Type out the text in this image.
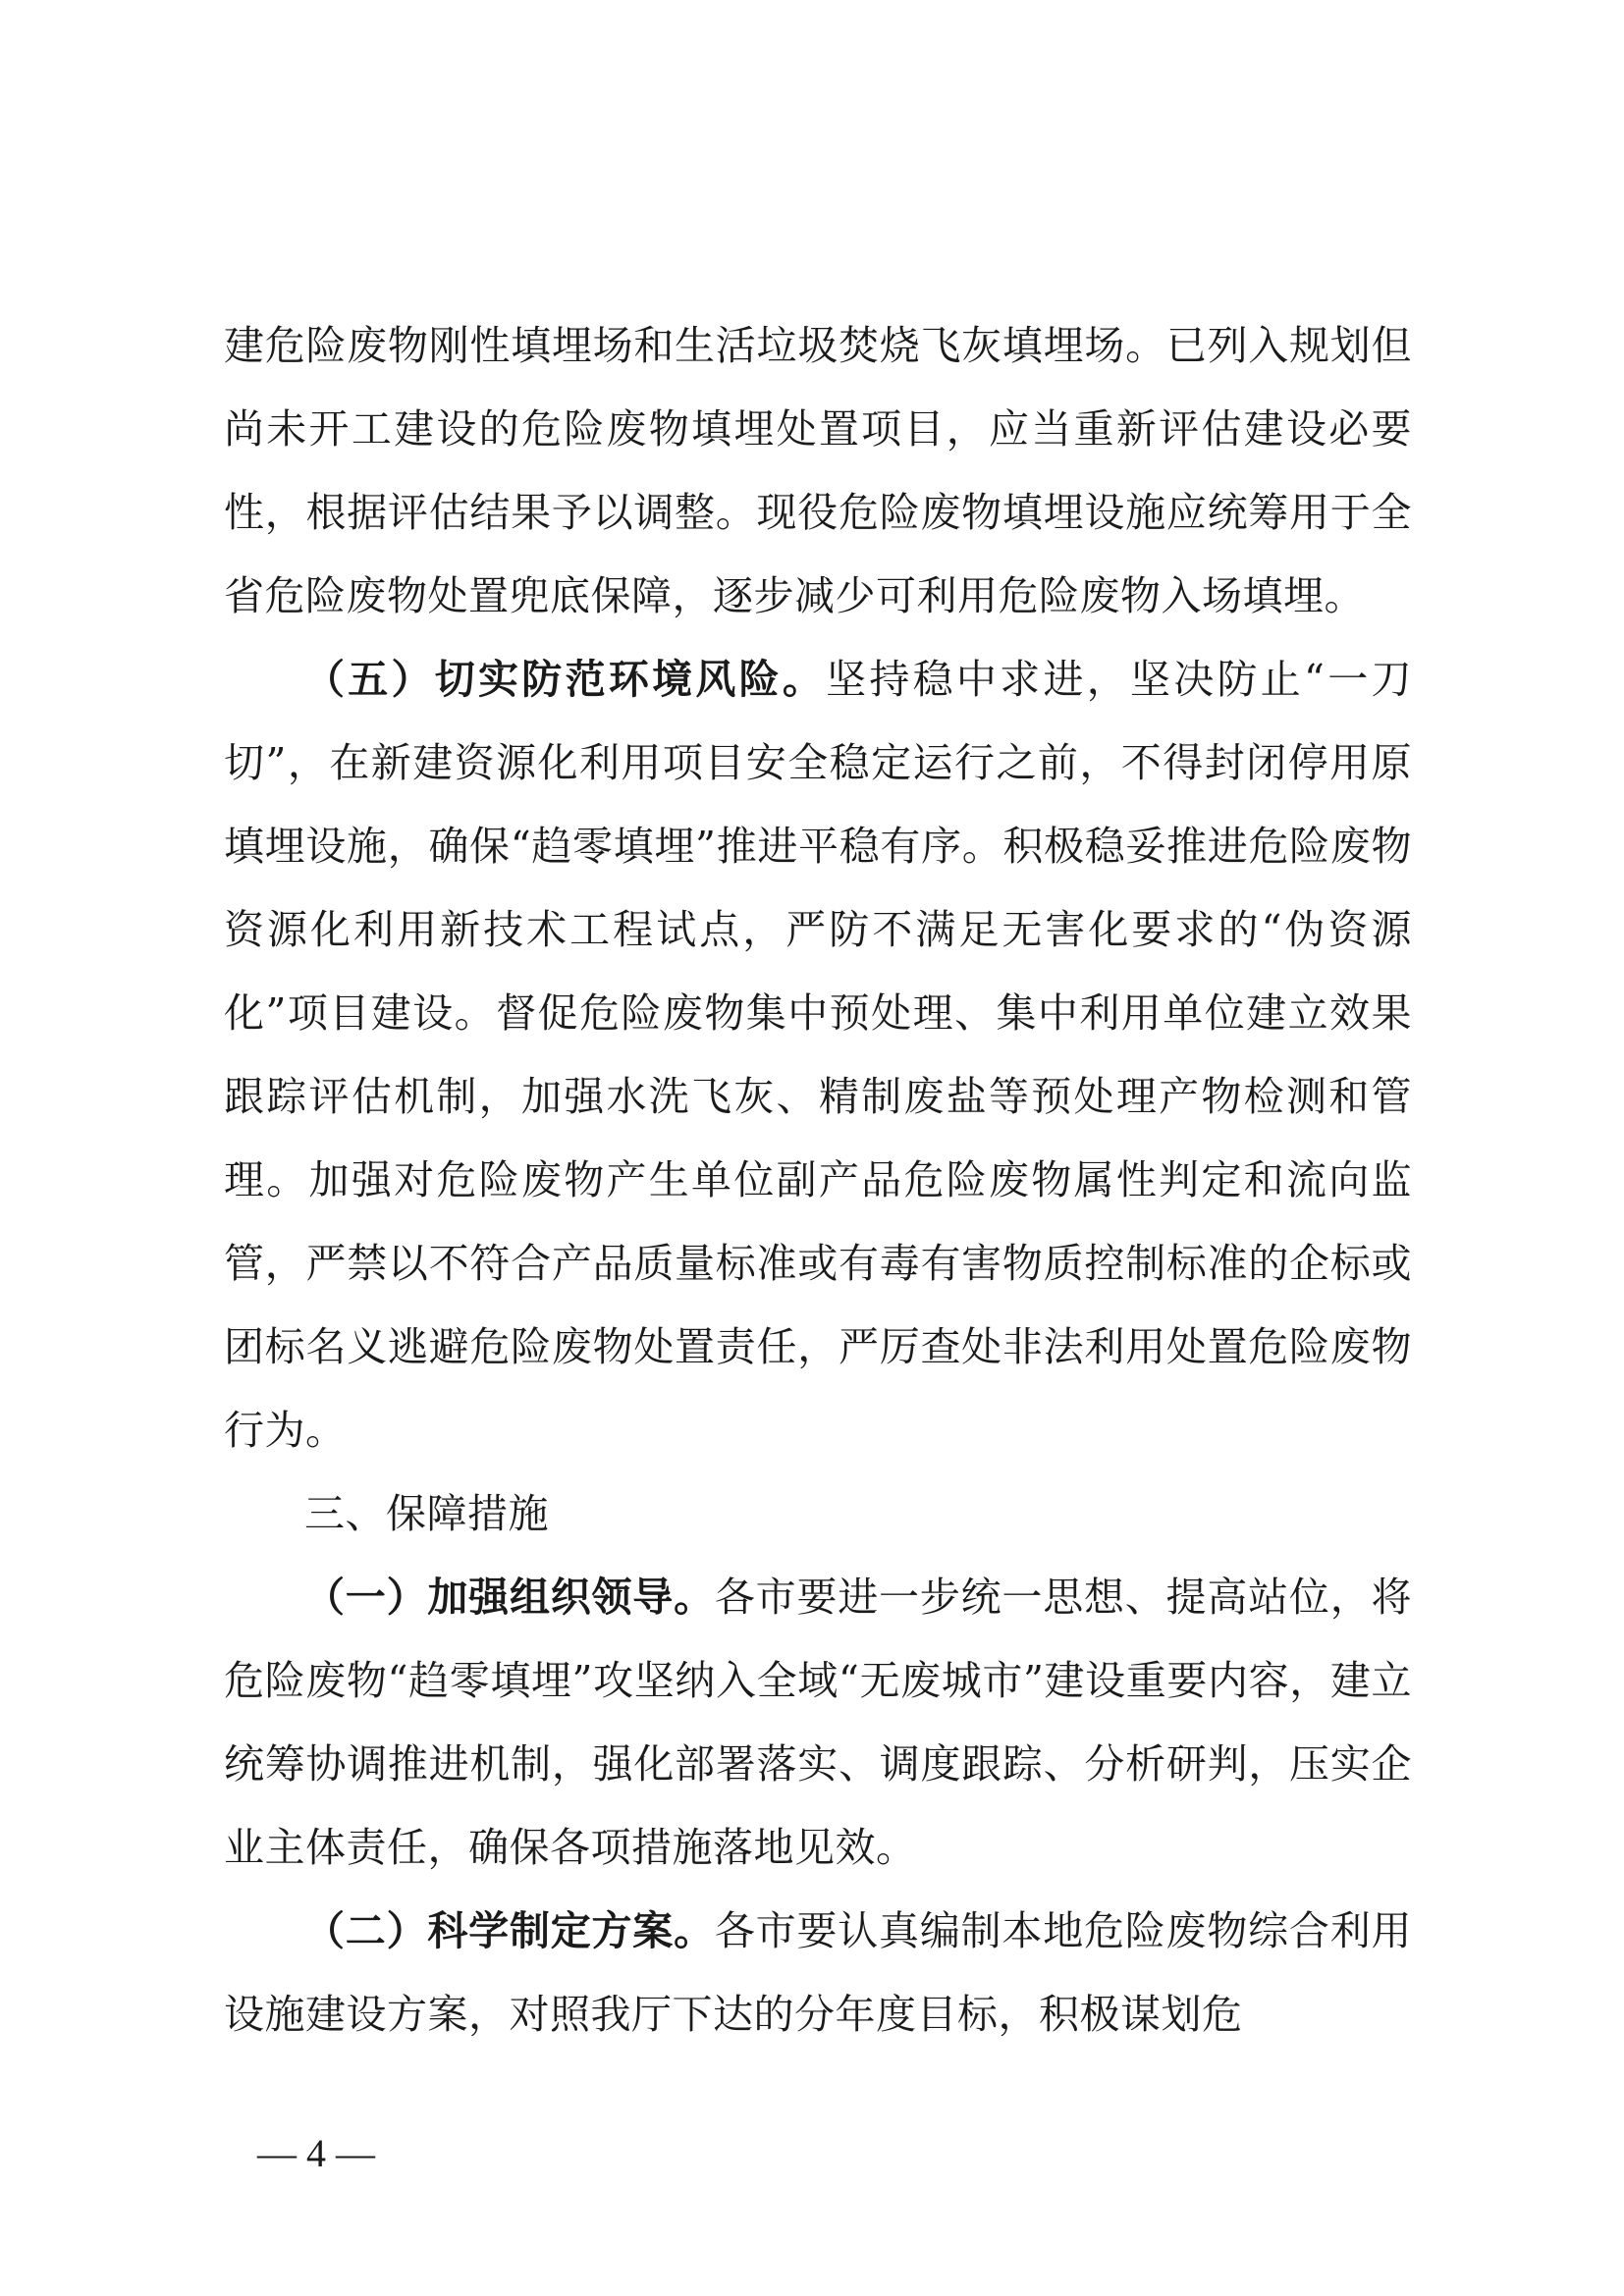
建危险废物刚性填埋场和生活垃圾焚烧飞灰填埋场。已列入规划但尚未开工建设的危险废物填埋处置项目，应当重新评估建设必要性，根据评估结果予以调整。现役危险废物填埋设施应统筹用于全省危险废物处置兜底保障，逐步减少可利用危险废物入场填埋。

（五）切实防范环境风险。坚持稳中求进，坚决防止“一刀切”，在新建资源化利用项目安全稳定运行之前，不得封闭停用原填埋设施，确保“趋零填埋”推进平稳有序。积极稳妥推进危险废物资源化利用新技术工程试点，严防不满足无害化要求的“伪资源化”项目建设。督促危险废物集中预处理、集中利用单位建立效果跟踪评估机制，加强水洗飞灰、精制废盐等预处理产物检测和管理。加强对危险废物产生单位副产品危险废物属性判定和流向监管，严禁以不符合产品质量标准或有毒有害物质控制标准的企标或团标名义逃避危险废物处置责任，严厉查处非法利用处置危险废物行为。

三、保障措施

（一）加强组织领导。各市要进一步统一思想、提高站位，将危险废物“趋零填埋”攻坚纳入全域“无废城市”建设重要内容，建立统筹协调推进机制，强化部署落实、调度跟踪、分析研判，压实企业主体责任，确保各项措施落地见效。

（二）科学制定方案。各市要认真编制本地危险废物综合利用设施建设方案，对照我厅下达的分年度目标，积极谋划危

— 4 —
